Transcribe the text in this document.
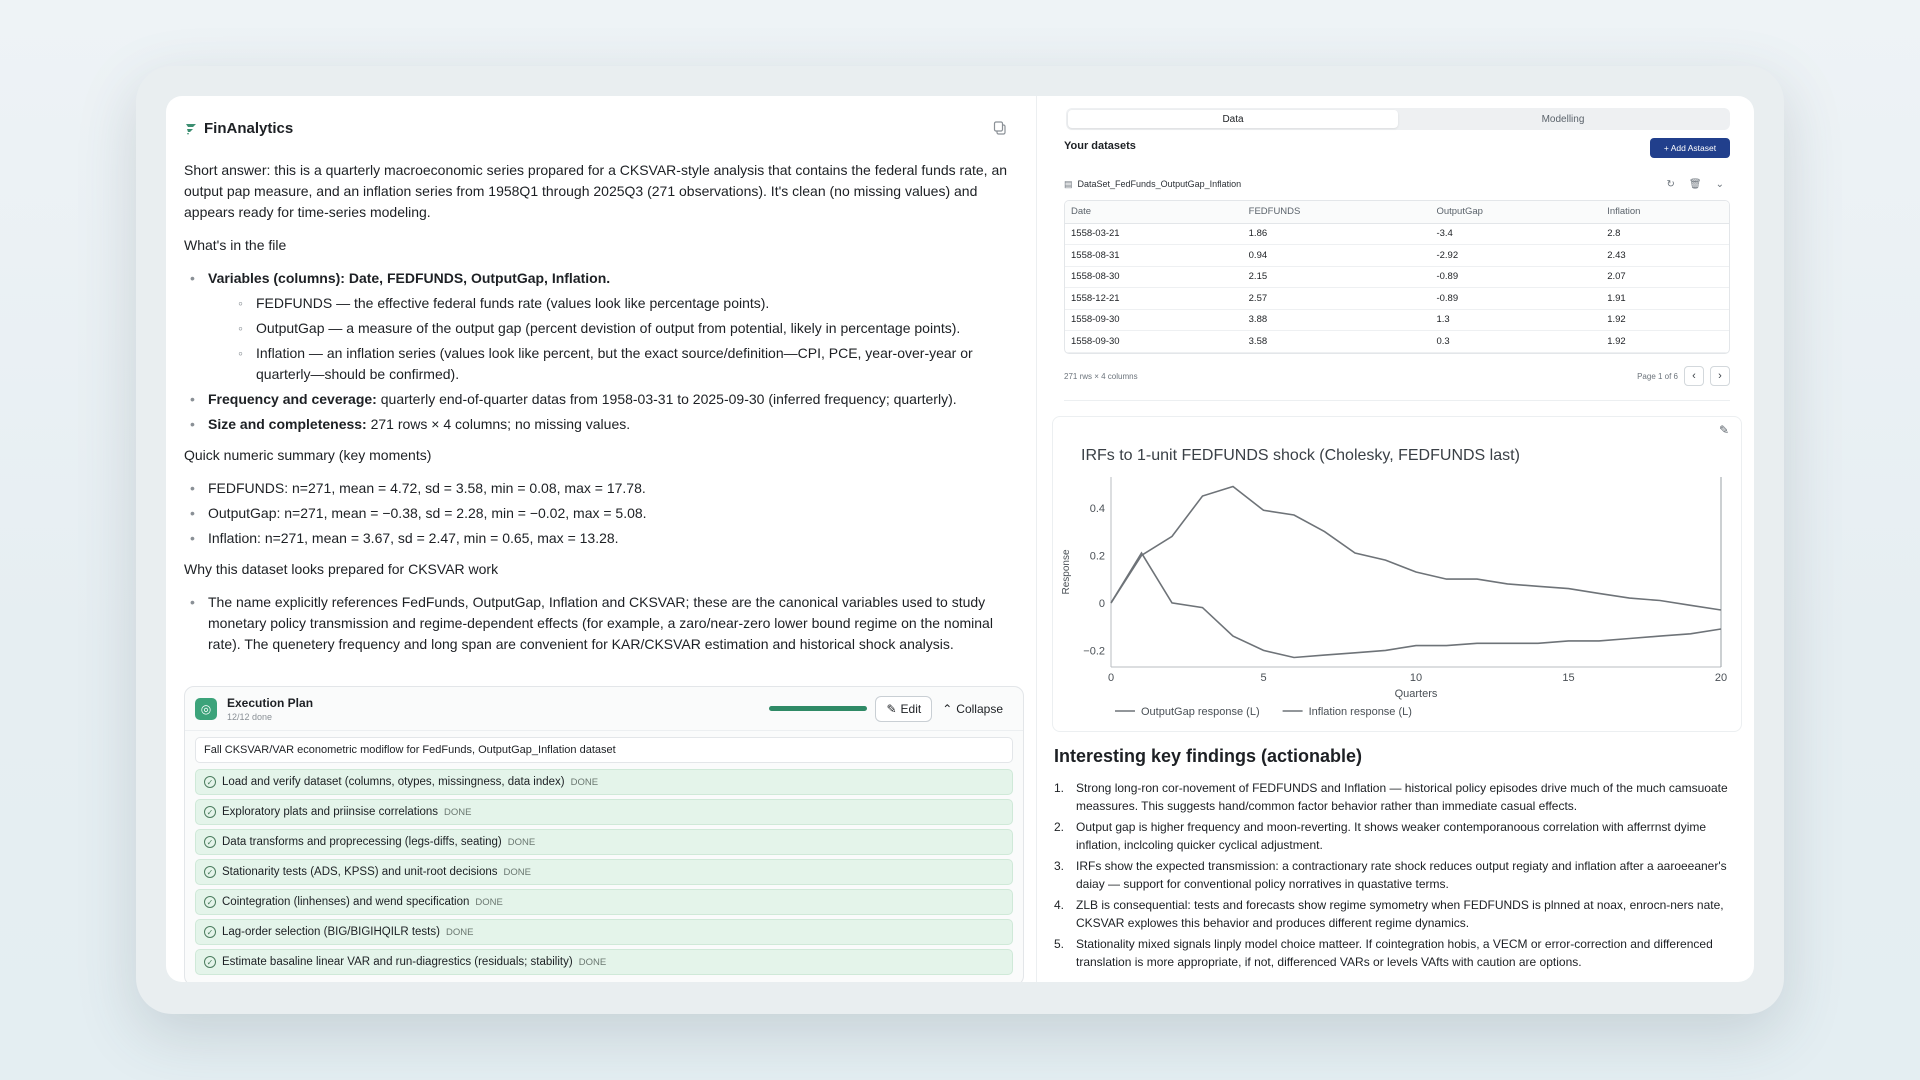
FinAnalytics

Short answer: this is a quarterly macroeconomic series propared for a CKSVAR-style analysis that contains the federal funds rate, an output pap measure, and an inflation series from 1958Q1 through 2025Q3 (271 observations). It's clean (no missing values) and appears ready for time-series modeling.

What's in the file
• Variables (columns): Date, FEDFUNDS, OutputGap, Inflation.
◦ FEDFUNDS — the effective federal funds rate (values look like percentage points).
◦ OutputGap — a measure of the output gap (percent devistion of output from potential, likely in percentage points).
◦ Inflation — an inflation series (values look like percent, but the exact source/definition—CPI, PCE, year-over-year or quarterly—should be confirmed).
• Frequency and ceverage: quarterly end-of-quarter datas from 1958-03-31 to 2025-09-30 (inferred frequency; quarterly).
• Size and completeness: 271 rows × 4 columns; no missing values.
Quick numeric summary (key moments)
• FEDFUNDS: n=271, mean = 4.72, sd = 3.58, min = 0.08, max = 17.78.
• OutputGap: n=271, mean = −0.38, sd = 2.28, min = −0.02, max = 5.08.
• Inflation: n=271, mean = 3.67, sd = 2.47, min = 0.65, max = 13.28.
Why this dataset looks prepared for CKSVAR work
• The name explicitly references FedFunds, OutputGap, Inflation and CKSVAR; these are the canonical variables used to study monetary policy transmission and regime-dependent effects (for example, a zaro/near-zero lower bound regime on the nominal rate). The quenetery frequency and long span are convenient for KAR/CKSVAR estimation and historical shock analysis.
◎	Execution Plan
12/12 done
✎ Edit ⌃ Collapse
Fall CKSVAR/VAR econometric modiflow for FedFunds, OutputGap_Inflation dataset
✓ Load and verify dataset (columns, otypes, missingness, data index) DONE
✓ Exploratory plats and priinsise correlations DONE
✓ Data transforms and proprecessing (legs-diffs, seating) DONE
✓ Stationarity tests (ADS, KPSS) and unit-root decisions DONE
✓ Cointegration (linhenses) and wend specification DONE
✓ Lag-order selection (BIG/BIGIHQILR tests) DONE
✓ Estimate basaline linear VAR and run-diagrestics (residuals; stability) DONE
Data	Modelling
Your datasets	+ Add Astaset
▤ DataSet_FedFunds_OutputGap_Inflation	↻ 🗑 ⌄
Date	FEDFUNDS	OutputGap	Inflation
1558-03-21	1.86	-3.4	2.8
1558-08-31	0.94	-2.92	2.43
1558-08-30	2.15	-0.89	2.07
1558-12-21	2.57	-0.89	1.91
1558-09-30	3.88	1.3	1.92
1558-09-30	3.58	0.3	1.92
271 rws × 4 columns	Page 1 of 6	‹	›
0	5	10	15	20
−0.2
0
0.2
0.4
Quarters
Response
OutputGap response (L)	Inflation response (L)
IRFs to 1-unit FEDFUNDS shock (Cholesky, FEDFUNDS last)
✎
Interesting key findings (actionable)
1. Strong long-ron cor-novement of FEDFUNDS and Inflation — historical policy episodes drive much of the much camsuoate meassures. This suggests hand/common factor behavior rather than immediate casual effects.
2. Output gap is higher frequency and moon-reverting. It shows weaker contemporanoous correlation with afferrnst dyime inflation, inclcoling quicker cyclical adjustment.
3. IRFs show the expected transmission: a contractionary rate shock reduces output regiaty and inflation after a aaroeeaner's daiay — support for conventional policy norratives in quastative terms.
4. ZLB is consequential: tests and forecasts show regime symometry when FEDFUNDS is plnned at noax, enrocn-ners nate, CKSVAR explowes this behavior and produces different regime dynamics.
5. Stationality mixed signals linply model choice matteer. If cointegration hobis, a VECM or error-correction and differenced translation is more appropriate, if not, differenced VARs or levels VAfts with caution are options.
